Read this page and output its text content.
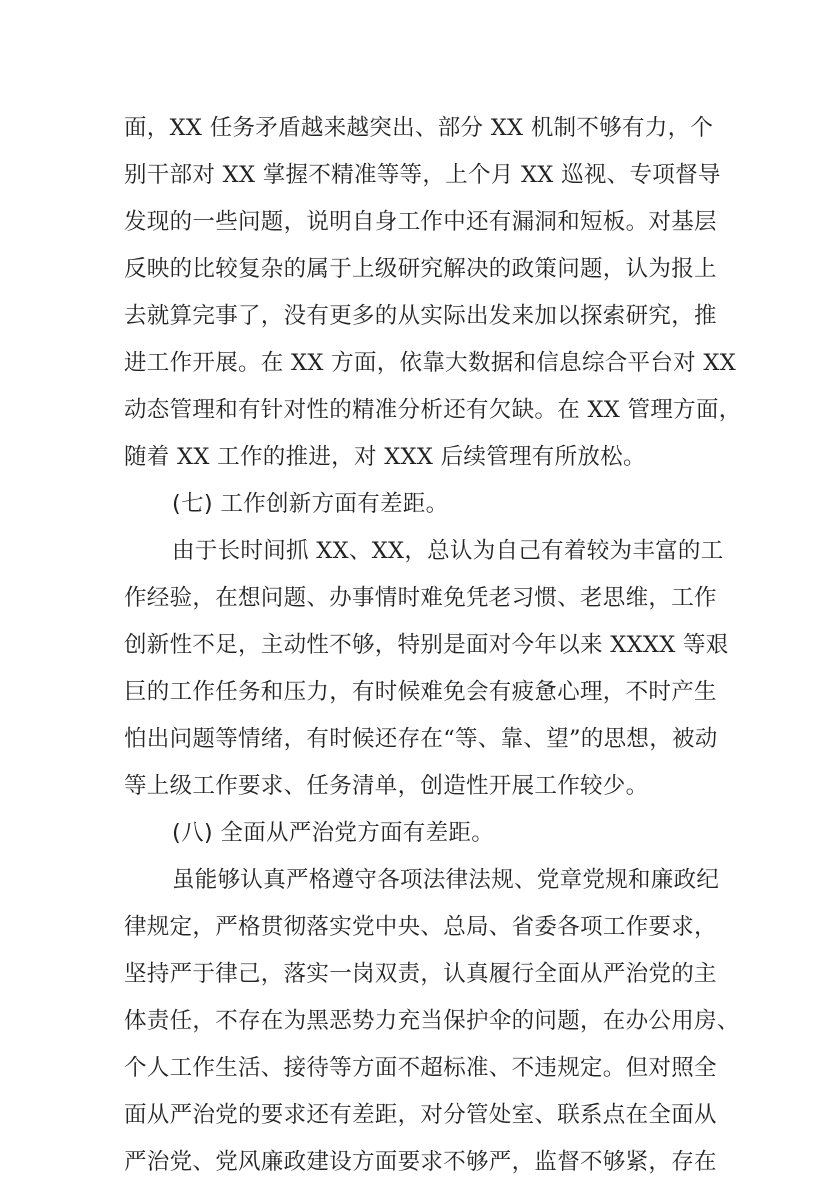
面，XX 任务矛盾越来越突出、部分 XX 机制不够有力，个
别干部对 XX 掌握不精准等等，上个月 XX 巡视、专项督导
发现的一些问题，说明自身工作中还有漏洞和短板。对基层
反映的比较复杂的属于上级研究解决的政策问题，认为报上
去就算完事了，没有更多的从实际出发来加以探索研究，推
进工作开展。在 XX 方面，依靠大数据和信息综合平台对 XX
动态管理和有针对性的精准分析还有欠缺。在 XX 管理方面，
随着 XX 工作的推进，对 XXX 后续管理有所放松。
(七) 工作创新方面有差距。
由于长时间抓 XX、XX，总认为自己有着较为丰富的工
作经验，在想问题、办事情时难免凭老习惯、老思维，工作
创新性不足，主动性不够，特别是面对今年以来 XXXX 等艰
巨的工作任务和压力，有时候难免会有疲惫心理，不时产生
怕出问题等情绪，有时候还存在“等、靠、望”的思想，被动
等上级工作要求、任务清单，创造性开展工作较少。
(八) 全面从严治党方面有差距。
虽能够认真严格遵守各项法律法规、党章党规和廉政纪
律规定，严格贯彻落实党中央、总局、省委各项工作要求，
坚持严于律己，落实一岗双责，认真履行全面从严治党的主
体责任，不存在为黑恶势力充当保护伞的问题，在办公用房、
个人工作生活、接待等方面不超标准、不违规定。但对照全
面从严治党的要求还有差距，对分管处室、联系点在全面从
严治党、党风廉政建设方面要求不够严，监督不够紧，存在
